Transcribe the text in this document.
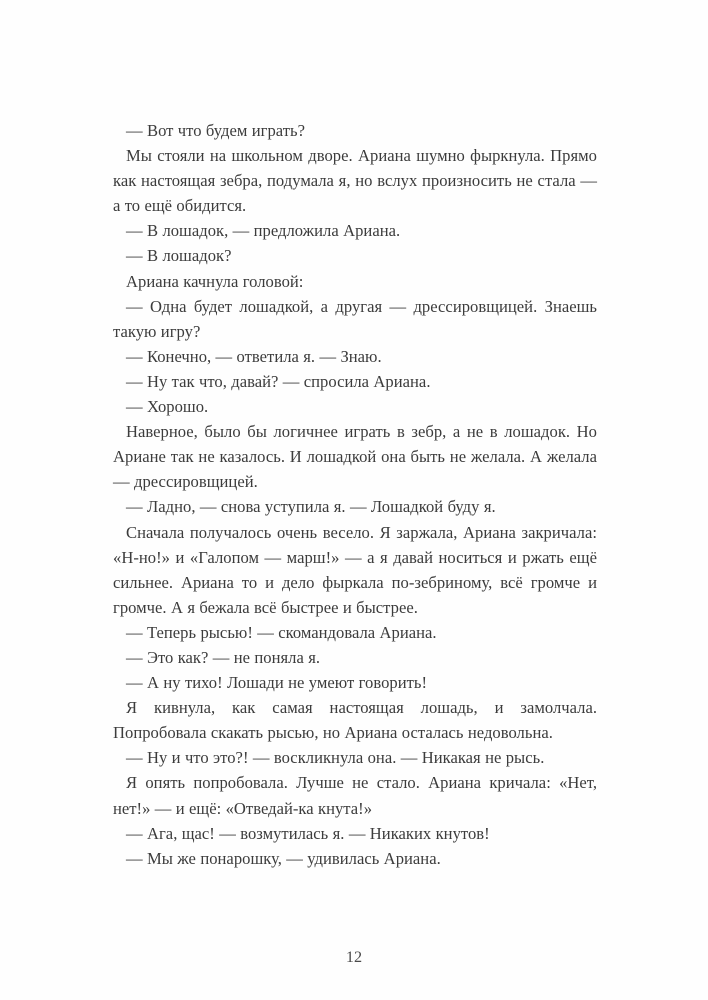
— Вот что будем играть?

Мы стояли на школьном дворе. Ариана шумно фыркнула. Прямо как настоящая зебра, подумала я, но вслух произносить не стала — а то ещё обидится.

— В лошадок, — предложила Ариана.

— В лошадок?

Ариана качнула головой:

— Одна будет лошадкой, а другая — дрессировщицей. Знаешь такую игру?

— Конечно, — ответила я. — Знаю.

— Ну так что, давай? — спросила Ариана.

— Хорошо.

Наверное, было бы логичнее играть в зебр, а не в лошадок. Но Ариане так не казалось. И лошадкой она быть не желала. А желала — дрессировщицей.

— Ладно, — снова уступила я. — Лошадкой буду я.

Сначала получалось очень весело. Я заржала, Ариана закричала: «Н-но!» и «Галопом — марш!» — а я давай носиться и ржать ещё сильнее. Ариана то и дело фыркала по-зебриному, всё громче и громче. А я бежала всё быстрее и быстрее.

— Теперь рысью! — скомандовала Ариана.

— Это как? — не поняла я.

— А ну тихо! Лошади не умеют говорить!

Я кивнула, как самая настоящая лошадь, и замолчала. Попробовала скакать рысью, но Ариана осталась недовольна.

— Ну и что это?! — воскликнула она. — Никакая не рысь.

Я опять попробовала. Лучше не стало. Ариана кричала: «Нет, нет!» — и ещё: «Отведай-ка кнута!»

— Ага, щас! — возмутилась я. — Никаких кнутов!

— Мы же понарошку, — удивилась Ариана.

12
